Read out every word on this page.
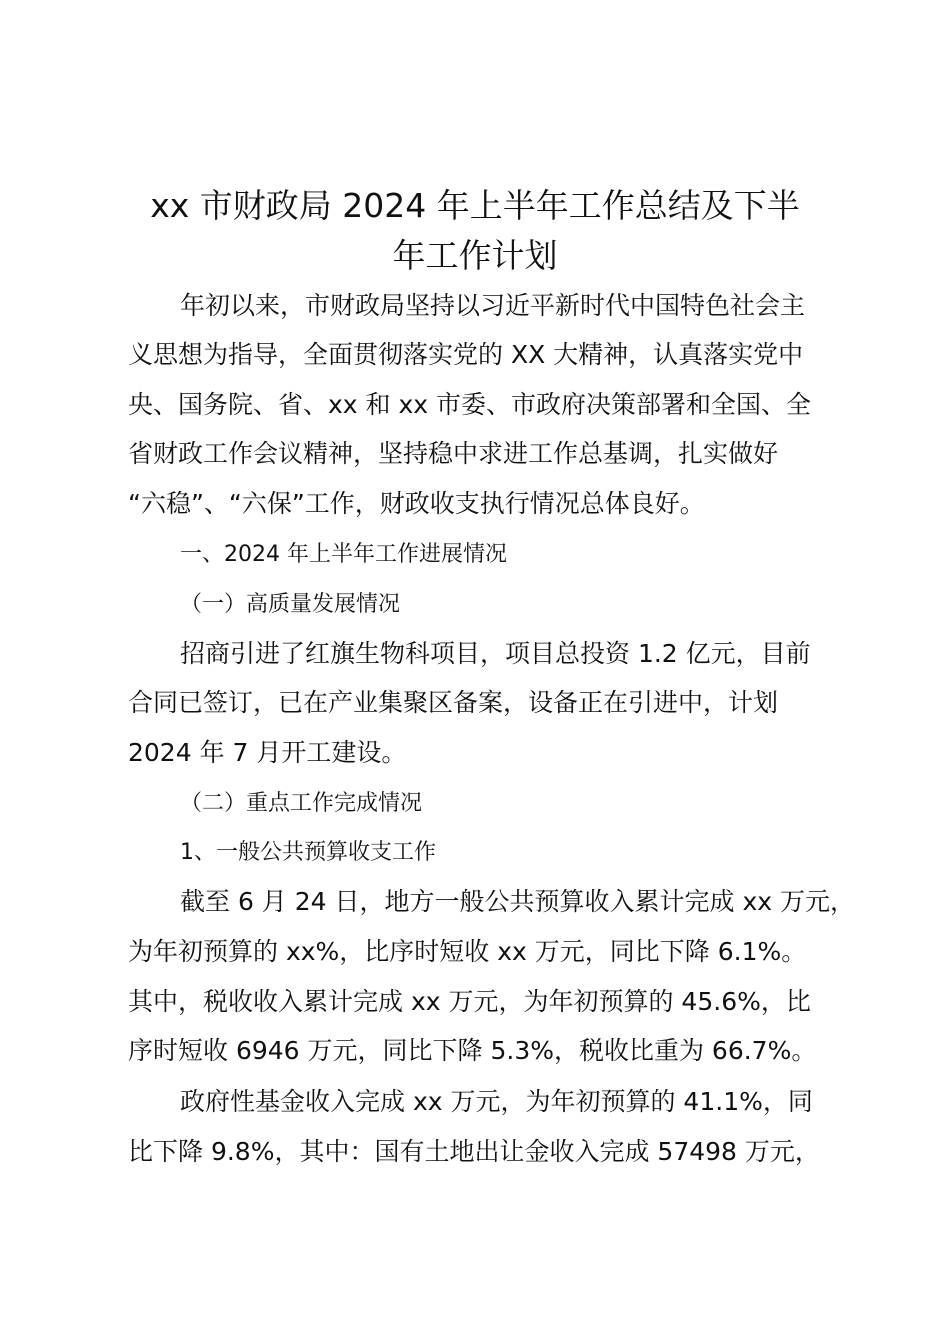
xx 市财政局 2024 年上半年工作总结及下半
年工作计划

年初以来，市财政局坚持以习近平新时代中国特色社会主

义思想为指导，全面贯彻落实党的 XX 大精神，认真落实党中

央、国务院、省、xx 和 xx 市委、市政府决策部署和全国、全

省财政工作会议精神，坚持稳中求进工作总基调，扎实做好

“六稳”、“六保”工作，财政收支执行情况总体良好。

一、2024 年上半年工作进展情况

（一）高质量发展情况

招商引进了红旗生物科项目，项目总投资 1.2 亿元，目前

合同已签订，已在产业集聚区备案，设备正在引进中，计划

2024 年 7 月开工建设。

（二）重点工作完成情况

1、一般公共预算收支工作

截至 6 月 24 日，地方一般公共预算收入累计完成 xx 万元，

为年初预算的 xx%，比序时短收 xx 万元，同比下降 6.1%。

其中，税收收入累计完成 xx 万元，为年初预算的 45.6%，比

序时短收 6946 万元，同比下降 5.3%，税收比重为 66.7%。

政府性基金收入完成 xx 万元，为年初预算的 41.1%，同

比下降 9.8%，其中：国有土地出让金收入完成 57498 万元，
